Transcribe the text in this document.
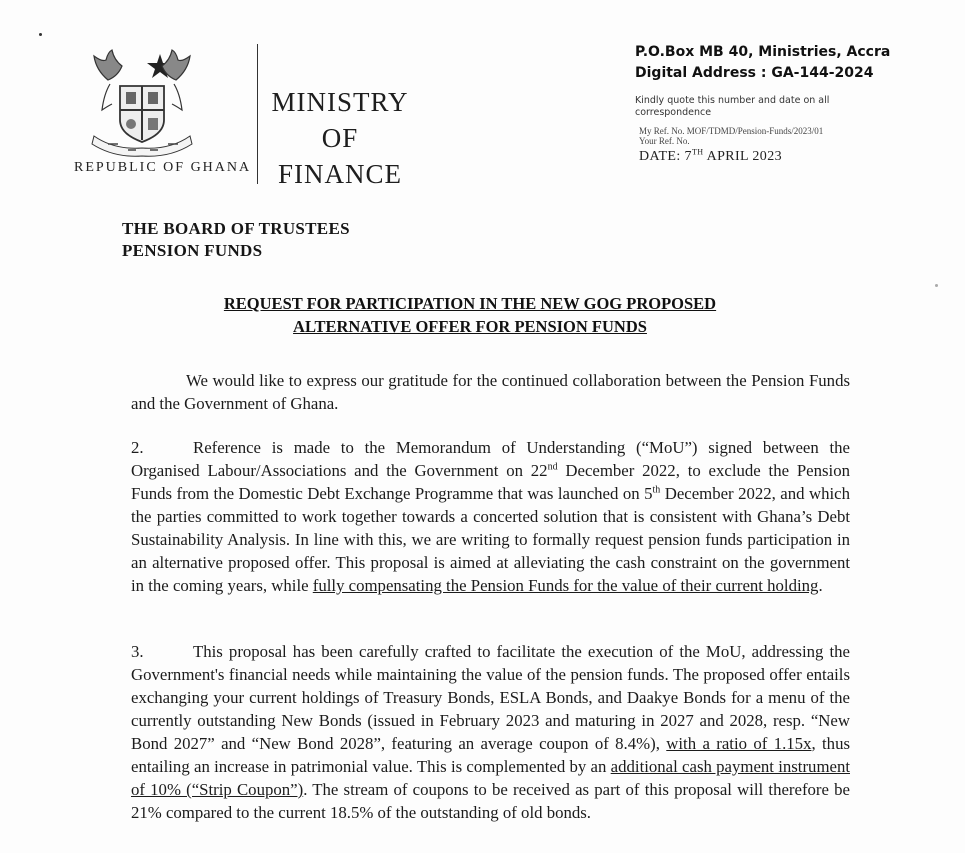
REPUBLIC OF GHANA
MINISTRY
OF
FINANCE
P.O.Box MB 40, Ministries, Accra
Digital Address : GA-144-2024
Kindly quote this number and date on all
correspondence
My Ref. No. MOF/TDMD/Pension-Funds/2023/01
Your Ref. No.
DATE: 7TH APRIL 2023
THE BOARD OF TRUSTEES
PENSION FUNDS
REQUEST FOR PARTICIPATION IN THE NEW GOG PROPOSED
ALTERNATIVE OFFER FOR PENSION FUNDS
We would like to express our gratitude for the continued collaboration between the Pension Funds and the Government of Ghana.
2.	Reference is made to the Memorandum of Understanding (“MoU”) signed between the Organised Labour/Associations and the Government on 22nd December 2022, to exclude the Pension Funds from the Domestic Debt Exchange Programme that was launched on 5th December 2022, and which the parties committed to work together towards a concerted solution that is consistent with Ghana’s Debt Sustainability Analysis. In line with this, we are writing to formally request pension funds participation in an alternative proposed offer. This proposal is aimed at alleviating the cash constraint on the government in the coming years, while fully compensating the Pension Funds for the value of their current holding.
3.	This proposal has been carefully crafted to facilitate the execution of the MoU, addressing the Government's financial needs while maintaining the value of the pension funds. The proposed offer entails exchanging your current holdings of Treasury Bonds, ESLA Bonds, and Daakye Bonds for a menu of the currently outstanding New Bonds (issued in February 2023 and maturing in 2027 and 2028, resp. “New Bond 2027” and “New Bond 2028”, featuring an average coupon of 8.4%), with a ratio of 1.15x, thus entailing an increase in patrimonial value. This is complemented by an additional cash payment instrument of 10% (“Strip Coupon”). The stream of coupons to be received as part of this proposal will therefore be 21% compared to the current 18.5% of the outstanding of old bonds.
